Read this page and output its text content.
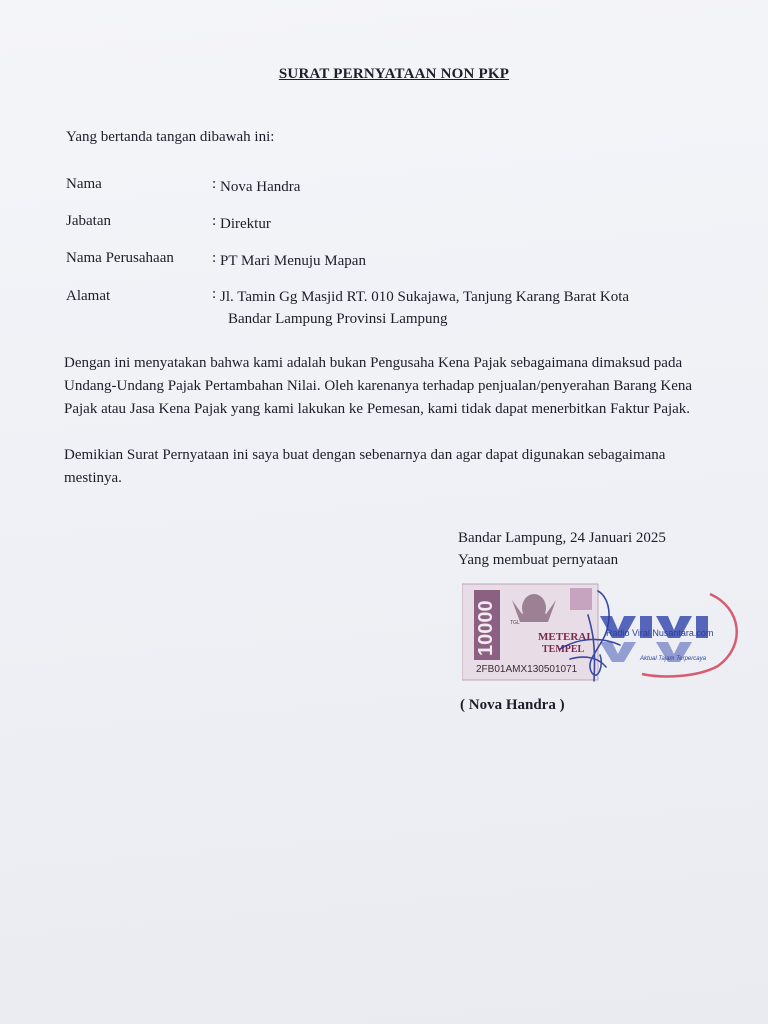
SURAT PERNYATAAN NON PKP
Yang bertanda tangan dibawah ini:
Nama	: Nova Handra
Jabatan	: Direktur
Nama Perusahaan	: PT Mari Menuju Mapan
Alamat	: Jl. Tamin Gg Masjid RT. 010 Sukajawa, Tanjung Karang Barat Kota
Bandar Lampung Provinsi Lampung
Dengan ini menyatakan bahwa kami adalah bukan Pengusaha Kena Pajak sebagaimana dimaksud pada Undang-Undang Pajak Pertambahan Nilai. Oleh karenanya terhadap penjualan/penyerahan Barang Kena Pajak atau Jasa Kena Pajak yang kami lakukan ke Pemesan, kami tidak dapat menerbitkan Faktur Pajak.
Demikian Surat Pernyataan ini saya buat dengan sebenarnya dan agar dapat digunakan sebagaimana mestinya.
Bandar Lampung, 24 Januari 2025
Yang membuat pernyataan
Radio Viral Nusantara.com
Aktual Tajam Terpercaya
10000	TGL
METERAI
TEMPEL
2FB01AMX130501071
( Nova Handra )
